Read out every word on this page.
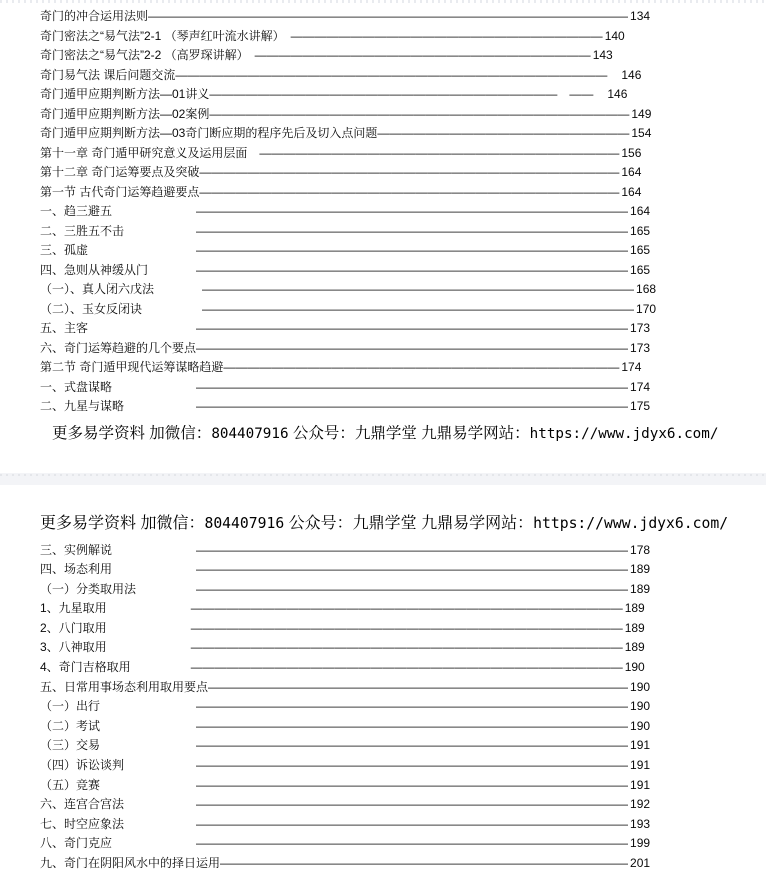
奇门的冲合运用法则———————————————————————————————————————— 134
奇门密法之“易气法”2-1 （琴声红叶流水讲解）　—————————————————————————— 140
奇门密法之“易气法”2-2 （高罗琛讲解）　———————————————————————————— 143
奇门易气法 课后问题交流————————————————————————————————————　146
奇门遁甲应期判断方法—01讲义—————————————————————————————　——　146
奇门遁甲应期判断方法—02案例——————————————————————————————————— 149
奇门遁甲应期判断方法—03奇门断应期的程序先后及切入点问题————————————————————— 154
第十一章 奇门遁甲研究意义及运用层面　—————————————————————————————— 156
第十二章 奇门运筹要点及突破——————————————————————————————————— 164
第一节 古代奇门运筹趋避要点——————————————————————————————————— 164
一、趋三避五　　　　　　　———————————————————————————————————— 164
二、三胜五不击　　　　　　———————————————————————————————————— 165
三、孤虚　　　　　　　　　———————————————————————————————————— 165
四、急则从神缓从门　　　　———————————————————————————————————— 165
（一）、真人闭六戊法　　　　———————————————————————————————————— 168
（二）、玉女反闭诀　　　　　———————————————————————————————————— 170
五、主客　　　　　　　　　———————————————————————————————————— 173
六、奇门运筹趋避的几个要点———————————————————————————————————— 173
第二节 奇门遁甲现代运筹谋略趋避————————————————————————————————— 174
一、式盘谋略　　　　　　　———————————————————————————————————— 174
二、九星与谋略　　　　　　———————————————————————————————————— 175
更多易学资料 加微信：804407916 公众号：九鼎学堂 九鼎易学网站：https://www.jdyx6.com/
更多易学资料 加微信：804407916 公众号：九鼎学堂 九鼎易学网站：https://www.jdyx6.com/
三、实例解说　　　　　　　———————————————————————————————————— 178
四、场态利用　　　　　　　———————————————————————————————————— 189
（一）分类取用法　　　　　———————————————————————————————————— 189
1、九星取用　　　　　　　———————————————————————————————————— 189
2、八门取用　　　　　　　———————————————————————————————————— 189
3、八神取用　　　　　　　———————————————————————————————————— 189
4、奇门吉格取用　　　　　———————————————————————————————————— 190
五、日常用事场态利用取用要点——————————————————————————————————— 190
（一）出行　　　　　　　　———————————————————————————————————— 190
（二）考试　　　　　　　　———————————————————————————————————— 190
（三）交易　　　　　　　　———————————————————————————————————— 191
（四）诉讼谈判　　　　　　———————————————————————————————————— 191
（五）竞赛　　　　　　　　———————————————————————————————————— 191
六、连宫合宫法　　　　　　———————————————————————————————————— 192
七、时空应象法　　　　　　———————————————————————————————————— 193
八、奇门克应　　　　　　　———————————————————————————————————— 199
九、奇门在阴阳风水中的择日运用—————————————————————————————————— 201
